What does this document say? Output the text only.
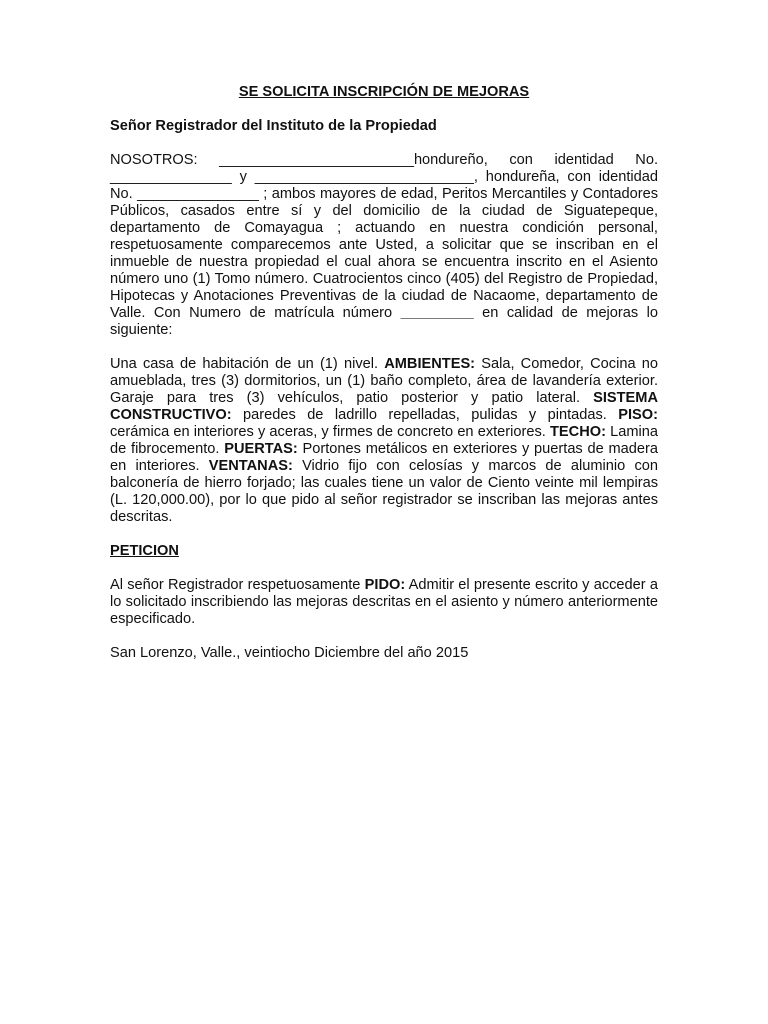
SE SOLICITA INSCRIPCIÓN DE MEJORAS
Señor Registrador del Instituto de la Propiedad

NOSOTROS: ________________________hondureño, con identidad No. _______________ y ___________________________, hondureña, con identidad No. _______________ ; ambos mayores de edad, Peritos Mercantiles y Contadores Públicos, casados entre sí y del domicilio de la ciudad de Siguatepeque, departamento de Comayagua ; actuando en nuestra condición personal, respetuosamente comparecemos ante Usted, a solicitar que se inscriban en el inmueble de nuestra propiedad el cual ahora se encuentra inscrito en el Asiento número uno (1) Tomo número. Cuatrocientos cinco (405) del Registro de Propiedad, Hipotecas y Anotaciones Preventivas de la ciudad de Nacaome, departamento de Valle. Con Numero de matrícula número _________ en calidad de mejoras lo siguiente:

Una casa de habitación de un (1) nivel. AMBIENTES: Sala, Comedor, Cocina no amueblada, tres (3) dormitorios, un (1) baño completo, área de lavandería exterior. Garaje para tres (3) vehículos, patio posterior y patio lateral. SISTEMA CONSTRUCTIVO: paredes de ladrillo repelladas, pulidas y pintadas. PISO: cerámica en interiores y aceras, y firmes de concreto en exteriores. TECHO: Lamina de fibrocemento. PUERTAS: Portones metálicos en exteriores y puertas de madera en interiores. VENTANAS: Vidrio fijo con celosías y marcos de aluminio con balconería de hierro forjado; las cuales tiene un valor de Ciento veinte mil lempiras (L. 120,000.00), por lo que pido al señor registrador se inscriban las mejoras antes descritas.

PETICION

Al señor Registrador respetuosamente PIDO: Admitir el presente escrito y acceder a lo solicitado inscribiendo las mejoras descritas en el asiento y número anteriormente especificado.

San Lorenzo, Valle., veintiocho Diciembre del año 2015
